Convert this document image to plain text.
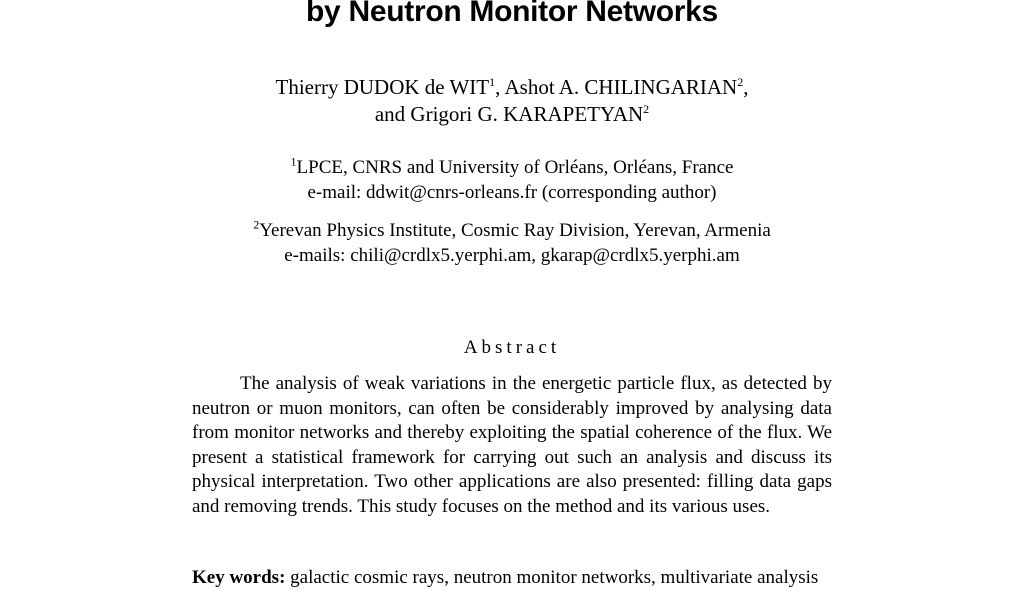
by Neutron Monitor Networks
Thierry DUDOK de WIT$^1$, Ashot A. CHILINGARIAN$^2$,
and Grigori G. KARAPETYAN$^2$
$^1$LPCE, CNRS and University of Orléans, Orléans, France
e-mail: ddwit@cnrs-orleans.fr (corresponding author)
$^2$Yerevan Physics Institute, Cosmic Ray Division, Yerevan, Armenia
e-mails: chili@crdlx5.yerphi.am, gkarap@crdlx5.yerphi.am
Abstract
The analysis of weak variations in the energetic particle flux, as detected by neutron or muon monitors, can often be considerably improved by analysing data from monitor networks and thereby exploiting the spatial coherence of the flux. We present a statistical framework for carrying out such an analysis and discuss its physical interpretation. Two other applications are also presented: filling data gaps and removing trends. This study focuses on the method and its various uses.
Key words: galactic cosmic rays, neutron monitor networks, multivariate analysis
